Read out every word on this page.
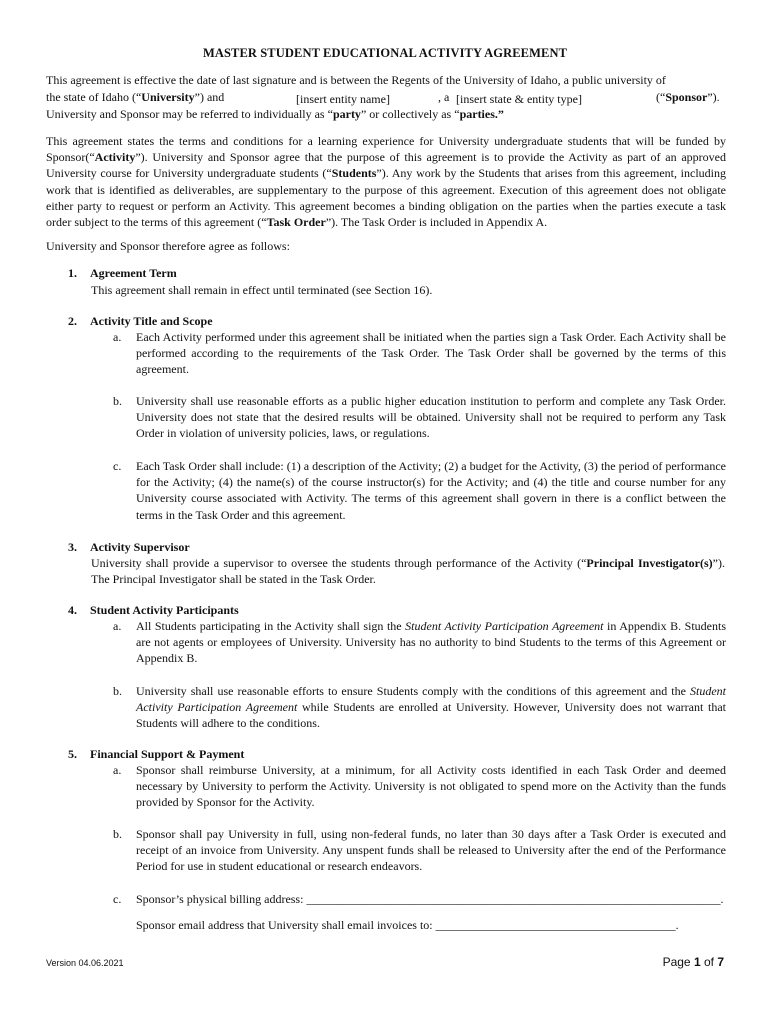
MASTER STUDENT EDUCATIONAL ACTIVITY AGREEMENT
This agreement is effective the date of last signature and is between the Regents of the University of Idaho, a public university of
the state of Idaho (“University”) and	[insert entity name]	, a [insert state & entity type]	(“Sponsor”).
University and Sponsor may be referred to individually as “party” or collectively as “parties.”
This agreement states the terms and conditions for a learning experience for University undergraduate students that will be funded by Sponsor(“Activity”). University and Sponsor agree that the purpose of this agreement is to provide the Activity as part of an approved University course for University undergraduate students (“Students”). Any work by the Students that arises from this agreement, including work that is identified as deliverables, are supplementary to the purpose of this agreement. Execution of this agreement does not obligate either party to request or perform an Activity. This agreement becomes a binding obligation on the parties when the parties execute a task order subject to the terms of this agreement (“Task Order”). The Task Order is included in Appendix A.
University and Sponsor therefore agree as follows:
1. Agreement Term
This agreement shall remain in effect until terminated (see Section 16).
2. Activity Title and Scope
a.	Each Activity performed under this agreement shall be initiated when the parties sign a Task Order. Each Activity shall be performed according to the requirements of the Task Order. The Task Order shall be governed by the terms of this agreement.
b.	University shall use reasonable efforts as a public higher education institution to perform and complete any Task Order. University does not state that the desired results will be obtained. University shall not be required to perform any Task Order in violation of university policies, laws, or regulations.
c.	Each Task Order shall include: (1) a description of the Activity; (2) a budget for the Activity, (3) the period of performance for the Activity; (4) the name(s) of the course instructor(s) for the Activity; and (4) the title and course number for any University course associated with Activity. The terms of this agreement shall govern in there is a conflict between the terms in the Task Order and this agreement.
3. Activity Supervisor
University shall provide a supervisor to oversee the students through performance of the Activity (“Principal Investigator(s)”). The Principal Investigator shall be stated in the Task Order.
4. Student Activity Participants
a.	All Students participating in the Activity shall sign the Student Activity Participation Agreement in Appendix B. Students are not agents or employees of University. University has no authority to bind Students to the terms of this Agreement or Appendix B.
b.	University shall use reasonable efforts to ensure Students comply with the conditions of this agreement and the Student Activity Participation Agreement while Students are enrolled at University. However, University does not warrant that Students will adhere to the conditions.
5. Financial Support & Payment
a.	Sponsor shall reimburse University, at a minimum, for all Activity costs identified in each Task Order and deemed necessary by University to perform the Activity. University is not obligated to spend more on the Activity than the funds provided by Sponsor for the Activity.
b.	Sponsor shall pay University in full, using non-federal funds, no later than 30 days after a Task Order is executed and receipt of an invoice from University. Any unspent funds shall be released to University after the end of the Performance Period for use in student educational or research endeavors.
c.	Sponsor’s physical billing address: _____________________________________________________________________.
Sponsor email address that University shall email invoices to: ________________________________________.
Version 04.06.2021	Page 1 of 7
